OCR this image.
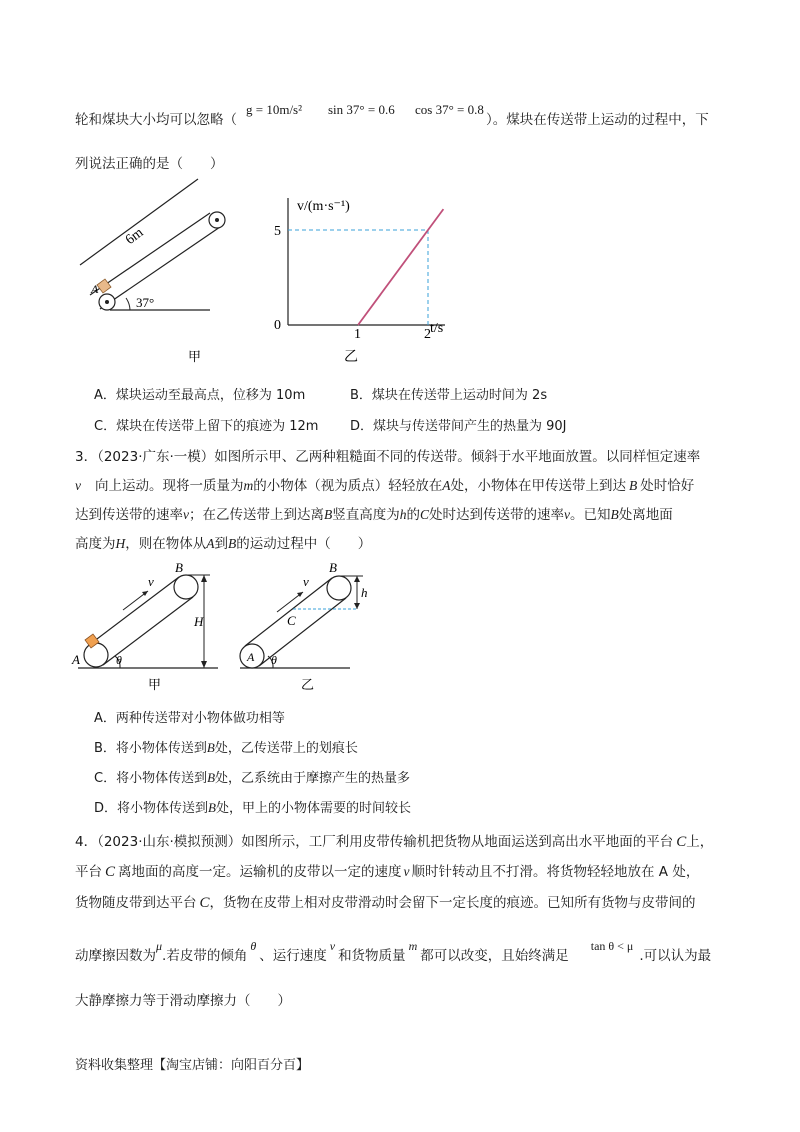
轮和煤块大小均可以忽略（
g = 10m/s² sin 37° = 0.6 cos 37° = 0.8
）。煤块在传送带上运动的过程中，下
列说法正确的是（　　）
6m
A
37°
甲
v/(m·s⁻¹)
t/s
0
5
1	2
乙
A．煤块运动至最高点，位移为 10m	B．煤块在传送带上运动时间为 2s
C．煤块在传送带上留下的痕迹为 12m D．煤块与传送带间产生的热量为 90J
3．（2023·广东·一模）如图所示甲、乙两种粗糙面不同的传送带。倾斜于水平地面放置。以同样恒定速率
v 向上运动。现将一质量为m的小物体（视为质点）轻轻放在A处，小物体在甲传送带上到达 B 处时恰好
达到传送带的速率v；在乙传送带上到达离B竖直高度为h的C处时达到传送带的速率v。已知B处离地面
高度为H，则在物体从A到B的运动过程中（　　）
v
B
H
A	θ
甲
v
B
h
C
A θ
乙
A．两种传送带对小物体做功相等
B．将小物体传送到B处，乙传送带上的划痕长
C．将小物体传送到B处，乙系统由于摩擦产生的热量多
D．将小物体传送到B处，甲上的小物体需要的时间较长
4．（2023·山东·模拟预测）如图所示，工厂利用皮带传输机把货物从地面运送到高出水平地面的平台 C上，
平台 C 离地面的高度一定。运输机的皮带以一定的速度 v 顺时针转动且不打滑。将货物轻轻地放在 A 处，
货物随皮带到达平台 C，货物在皮带上相对皮带滑动时会留下一定长度的痕迹。已知所有货物与皮带间的
动摩擦因数为μ.若皮带的倾角θ、运行速度v和货物质量m都可以改变，且始终满足tan θ < μ.可以认为最
大静摩擦力等于滑动摩擦力（　　）
资料收集整理【淘宝店铺：向阳百分百】
